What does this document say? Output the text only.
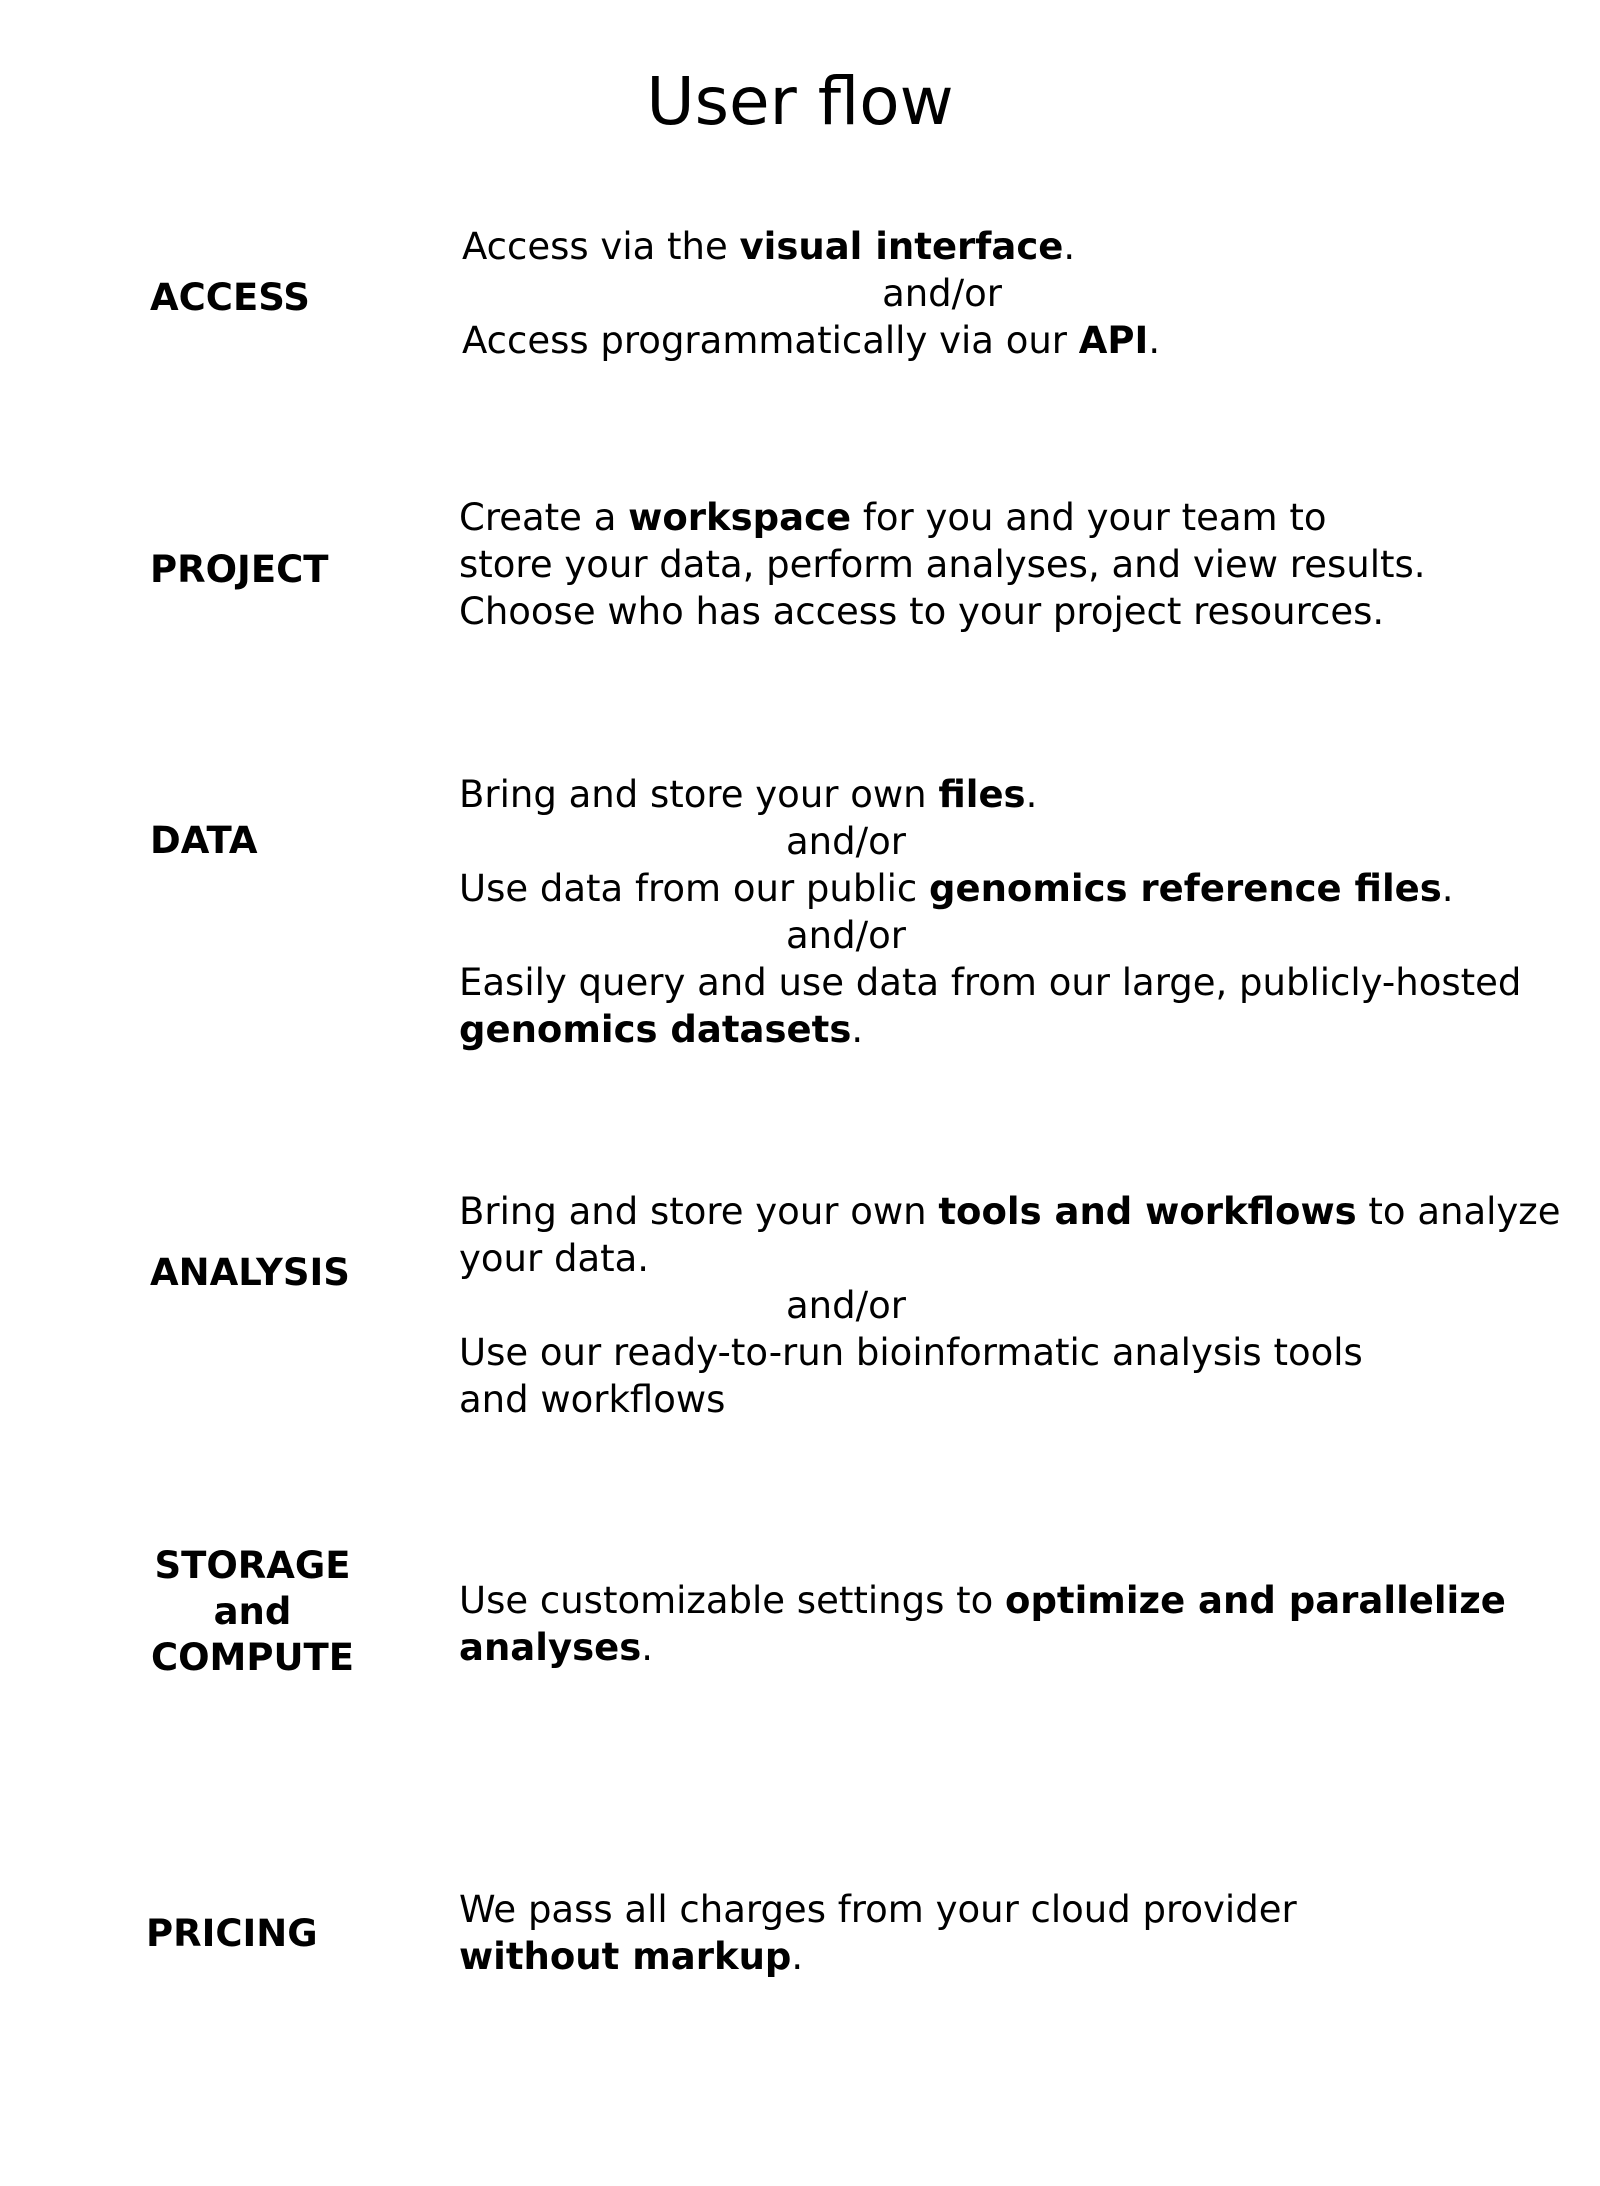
User flow
ACCESS
Access via the visual interface.
and/or
Access programmatically via our API.
PROJECT
Create a workspace for you and your team to
store your data, perform analyses, and view results.
Choose who has access to your project resources.
DATA
Bring and store your own files.
and/or
Use data from our public genomics reference files.
and/or
Easily query and use data from our large, publicly-hosted
genomics datasets.
ANALYSIS
Bring and store your own tools and workflows to analyze
your data.
and/or
Use our ready-to-run bioinformatic analysis tools
and workflows
STORAGE
and
COMPUTE
Use customizable settings to optimize and parallelize
analyses.
PRICING
We pass all charges from your cloud provider
without markup.
